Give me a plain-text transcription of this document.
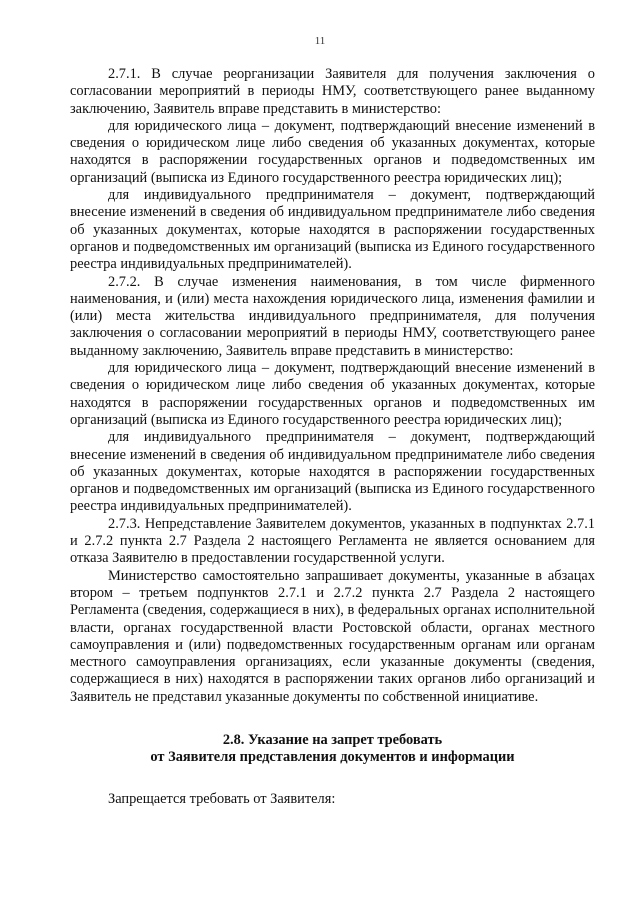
11

2.7.1. В случае реорганизации Заявителя для получения заключения о согласовании мероприятий в периоды НМУ, соответствующего ранее выданному заключению, Заявитель вправе представить в министерство:

для юридического лица – документ, подтверждающий внесение изменений в сведения о юридическом лице либо сведения об указанных документах, которые находятся в распоряжении государственных органов и подведомственных им организаций (выписка из Единого государственного реестра юридических лиц);

для индивидуального предпринимателя – документ, подтверждающий внесение изменений в сведения об индивидуальном предпринимателе либо сведения об указанных документах, которые находятся в распоряжении государственных органов и подведомственных им организаций (выписка из Единого государственного реестра индивидуальных предпринимателей).

2.7.2. В случае изменения наименования, в том числе фирменного наименования, и (или) места нахождения юридического лица, изменения фамилии и (или) места жительства индивидуального предпринимателя, для получения заключения о согласовании мероприятий в периоды НМУ, соответствующего ранее выданному заключению, Заявитель вправе представить в министерство:

для юридического лица – документ, подтверждающий внесение изменений в сведения о юридическом лице либо сведения об указанных документах, которые находятся в распоряжении государственных органов и подведомственных им организаций (выписка из Единого государственного реестра юридических лиц);

для индивидуального предпринимателя – документ, подтверждающий внесение изменений в сведения об индивидуальном предпринимателе либо сведения об указанных документах, которые находятся в распоряжении государственных органов и подведомственных им организаций (выписка из Единого государственного реестра индивидуальных предпринимателей).

2.7.3. Непредставление Заявителем документов, указанных в подпунктах 2.7.1 и 2.7.2 пункта 2.7 Раздела 2 настоящего Регламента не является основанием для отказа Заявителю в предоставлении государственной услуги.

Министерство самостоятельно запрашивает документы, указанные в абзацах втором – третьем подпунктов 2.7.1 и 2.7.2 пункта 2.7 Раздела 2 настоящего Регламента (сведения, содержащиеся в них), в федеральных органах исполнительной власти, органах государственной власти Ростовской области, органах местного самоуправления и (или) подведомственных государственным органам или органам местного самоуправления организациях, если указанные документы (сведения, содержащиеся в них) находятся в распоряжении таких органов либо организаций и Заявитель не представил указанные документы по собственной инициативе.

2.8. Указание на запрет требовать
от Заявителя представления документов и информации

Запрещается требовать от Заявителя:
